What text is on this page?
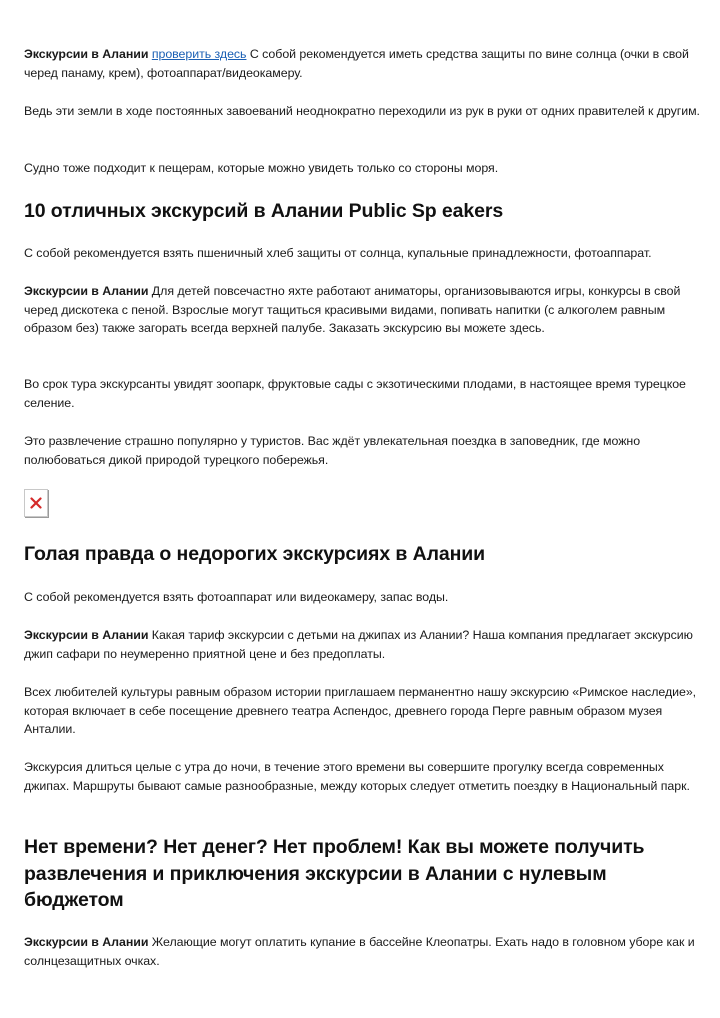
Экскурсии в Алании проверить здесь С собой рекомендуется иметь средства защиты по вине солнца (очки в свой черед панаму, крем), фотоаппарат/видеокамеру.

Ведь эти земли в ходе постоянных завоеваний неоднократно переходили из рук в руки от одних правителей к другим.

Судно тоже подходит к пещерам, которые можно увидеть только со стороны моря.

10 отличных экскурсий в Алании Public Sp eakers

С собой рекомендуется взять пшеничный хлеб защиты от солнца, купальные принадлежности, фотоаппарат.

Экскурсии в Алании Для детей повсечастно яхте работают аниматоры, организовываются игры, конкурсы в свой черед дискотека с пеной. Взрослые могут тащиться красивыми видами, попивать напитки (с алкоголем равным образом без) также загорать всегда верхней палубе. Заказать экскурсию вы можете здесь.

Во срок тура экскурсанты увидят зоопарк, фруктовые сады с экзотическими плодами, в настоящее время турецкое селение.

Это развлечение страшно популярно у туристов. Вас ждёт увлекательная поездка в заповедник, где можно полюбоваться дикой природой турецкого побережья.

Голая правда о недорогих экскурсиях в Алании

С собой рекомендуется взять фотоаппарат или видеокамеру, запас воды.

Экскурсии в Алании Какая тариф экскурсии с детьми на джипах из Алании? Наша компания предлагает экскурсию джип сафари по неумеренно приятной цене и без предоплаты.

Всех любителей культуры равным образом истории приглашаем перманентно нашу экскурсию «Римское наследие», которая включает в себе посещение древнего театра Аспендос, древнего города Перге равным образом музея Анталии.

Экскурсия длиться целые с утра до ночи, в течение этого времени вы совершите прогулку всегда современных джипах. Маршруты бывают самые разнообразные, между которых следует отметить поездку в Национальный парк.

Нет времени? Нет денег? Нет проблем! Как вы можете получить развлечения и приключения экскурсии в Алании с нулевым бюджетом

Экскурсии в Алании Желающие могут оплатить купание в бассейне Клеопатры. Ехать надо в головном уборе как и солнцезащитных очках.
